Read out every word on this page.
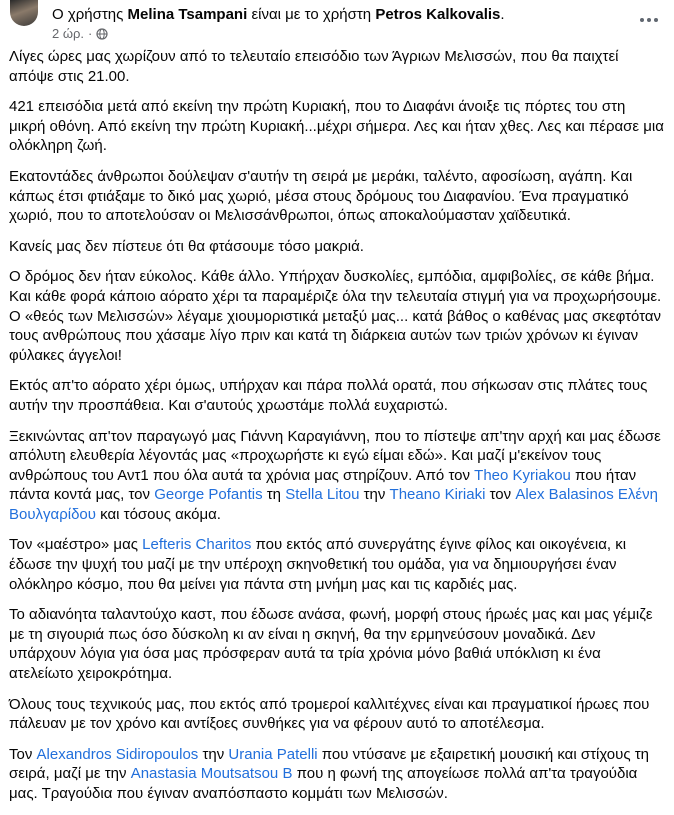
Ο χρήστης Melina Tsampani είναι με το χρήστη Petros Kalkovalis.
2 ώρ. ·

Λίγες ώρες μας χωρίζουν από το τελευταίο επεισόδιο των Άγριων Μελισσών, που θα παιχτεί απόψε στις 21.00.

421 επεισόδια μετά από εκείνη την πρώτη Κυριακή, που το Διαφάνι άνοιξε τις πόρτες του στη μικρή οθόνη. Από εκείνη την πρώτη Κυριακή...μέχρι σήμερα. Λες και ήταν χθες. Λες και πέρασε μια ολόκληρη ζωή.

Εκατοντάδες άνθρωποι δούλεψαν σ'αυτήν τη σειρά με μεράκι, ταλέντο, αφοσίωση, αγάπη. Και κάπως έτσι φτιάξαμε το δικό μας χωριό, μέσα στους δρόμους του Διαφανίου. Ένα πραγματικό χωριό, που το αποτελούσαν οι Μελισσάνθρωποι, όπως αποκαλούμασταν χαϊδευτικά.

Κανείς μας δεν πίστευε ότι θα φτάσουμε τόσο μακριά.

Ο δρόμος δεν ήταν εύκολος. Κάθε άλλο. Υπήρχαν δυσκολίες, εμπόδια, αμφιβολίες, σε κάθε βήμα. Και κάθε φορά κάποιο αόρατο χέρι τα παραμέριζε όλα την τελευταία στιγμή για να προχωρήσουμε. Ο «θεός των Μελισσών» λέγαμε χιουμοριστικά μεταξύ μας... κατά βάθος ο καθένας μας σκεφτόταν τους ανθρώπους που χάσαμε λίγο πριν και κατά τη διάρκεια αυτών των τριών χρόνων κι έγιναν φύλακες άγγελοι!

Εκτός απ'το αόρατο χέρι όμως, υπήρχαν και πάρα πολλά ορατά, που σήκωσαν στις πλάτες τους αυτήν την προσπάθεια. Και σ'αυτούς χρωστάμε πολλά ευχαριστώ.

Ξεκινώντας απ'τον παραγωγό μας Γιάννη Καραγιάννη, που το πίστεψε απ'την αρχή και μας έδωσε απόλυτη ελευθερία λέγοντάς μας «προχωρήστε κι εγώ είμαι εδώ». Και μαζί μ'εκείνον τους ανθρώπους του Αντ1 που όλα αυτά τα χρόνια μας στηρίζουν. Από τον Theo Kyriakou που ήταν πάντα κοντά μας, τον George Pofantis τη Stella Litou την Theano Kiriaki τον Alex Balasinos Ελένη Βουλγαρίδου και τόσους ακόμα.

Τον «μαέστρο» μας Lefteris Charitos που εκτός από συνεργάτης έγινε φίλος και οικογένεια, κι έδωσε την ψυχή του μαζί με την υπέροχη σκηνοθετική του ομάδα, για να δημιουργήσει έναν ολόκληρο κόσμο, που θα μείνει για πάντα στη μνήμη μας και τις καρδιές μας.

Το αδιανόητα ταλαντούχο καστ, που έδωσε ανάσα, φωνή, μορφή στους ήρωές μας και μας γέμιζε με τη σιγουριά πως όσο δύσκολη κι αν είναι η σκηνή, θα την ερμηνεύσουν μοναδικά. Δεν υπάρχουν λόγια για όσα μας πρόσφεραν αυτά τα τρία χρόνια μόνο βαθιά υπόκλιση κι ένα ατελείωτο χειροκρότημα.

Όλους τους τεχνικούς μας, που εκτός από τρομεροί καλλιτέχνες είναι και πραγματικοί ήρωες που πάλευαν με τον χρόνο και αντίξοες συνθήκες για να φέρουν αυτό το αποτέλεσμα.

Τον Alexandros Sidiropoulos την Urania Patelli που ντύσανε με εξαιρετική μουσική και στίχους τη σειρά, μαζί με την Anastasia Moutsatsou B που η φωνή της απογείωσε πολλά απ'τα τραγούδια μας. Τραγούδια που έγιναν αναπόσπαστο κομμάτι των Μελισσών.
